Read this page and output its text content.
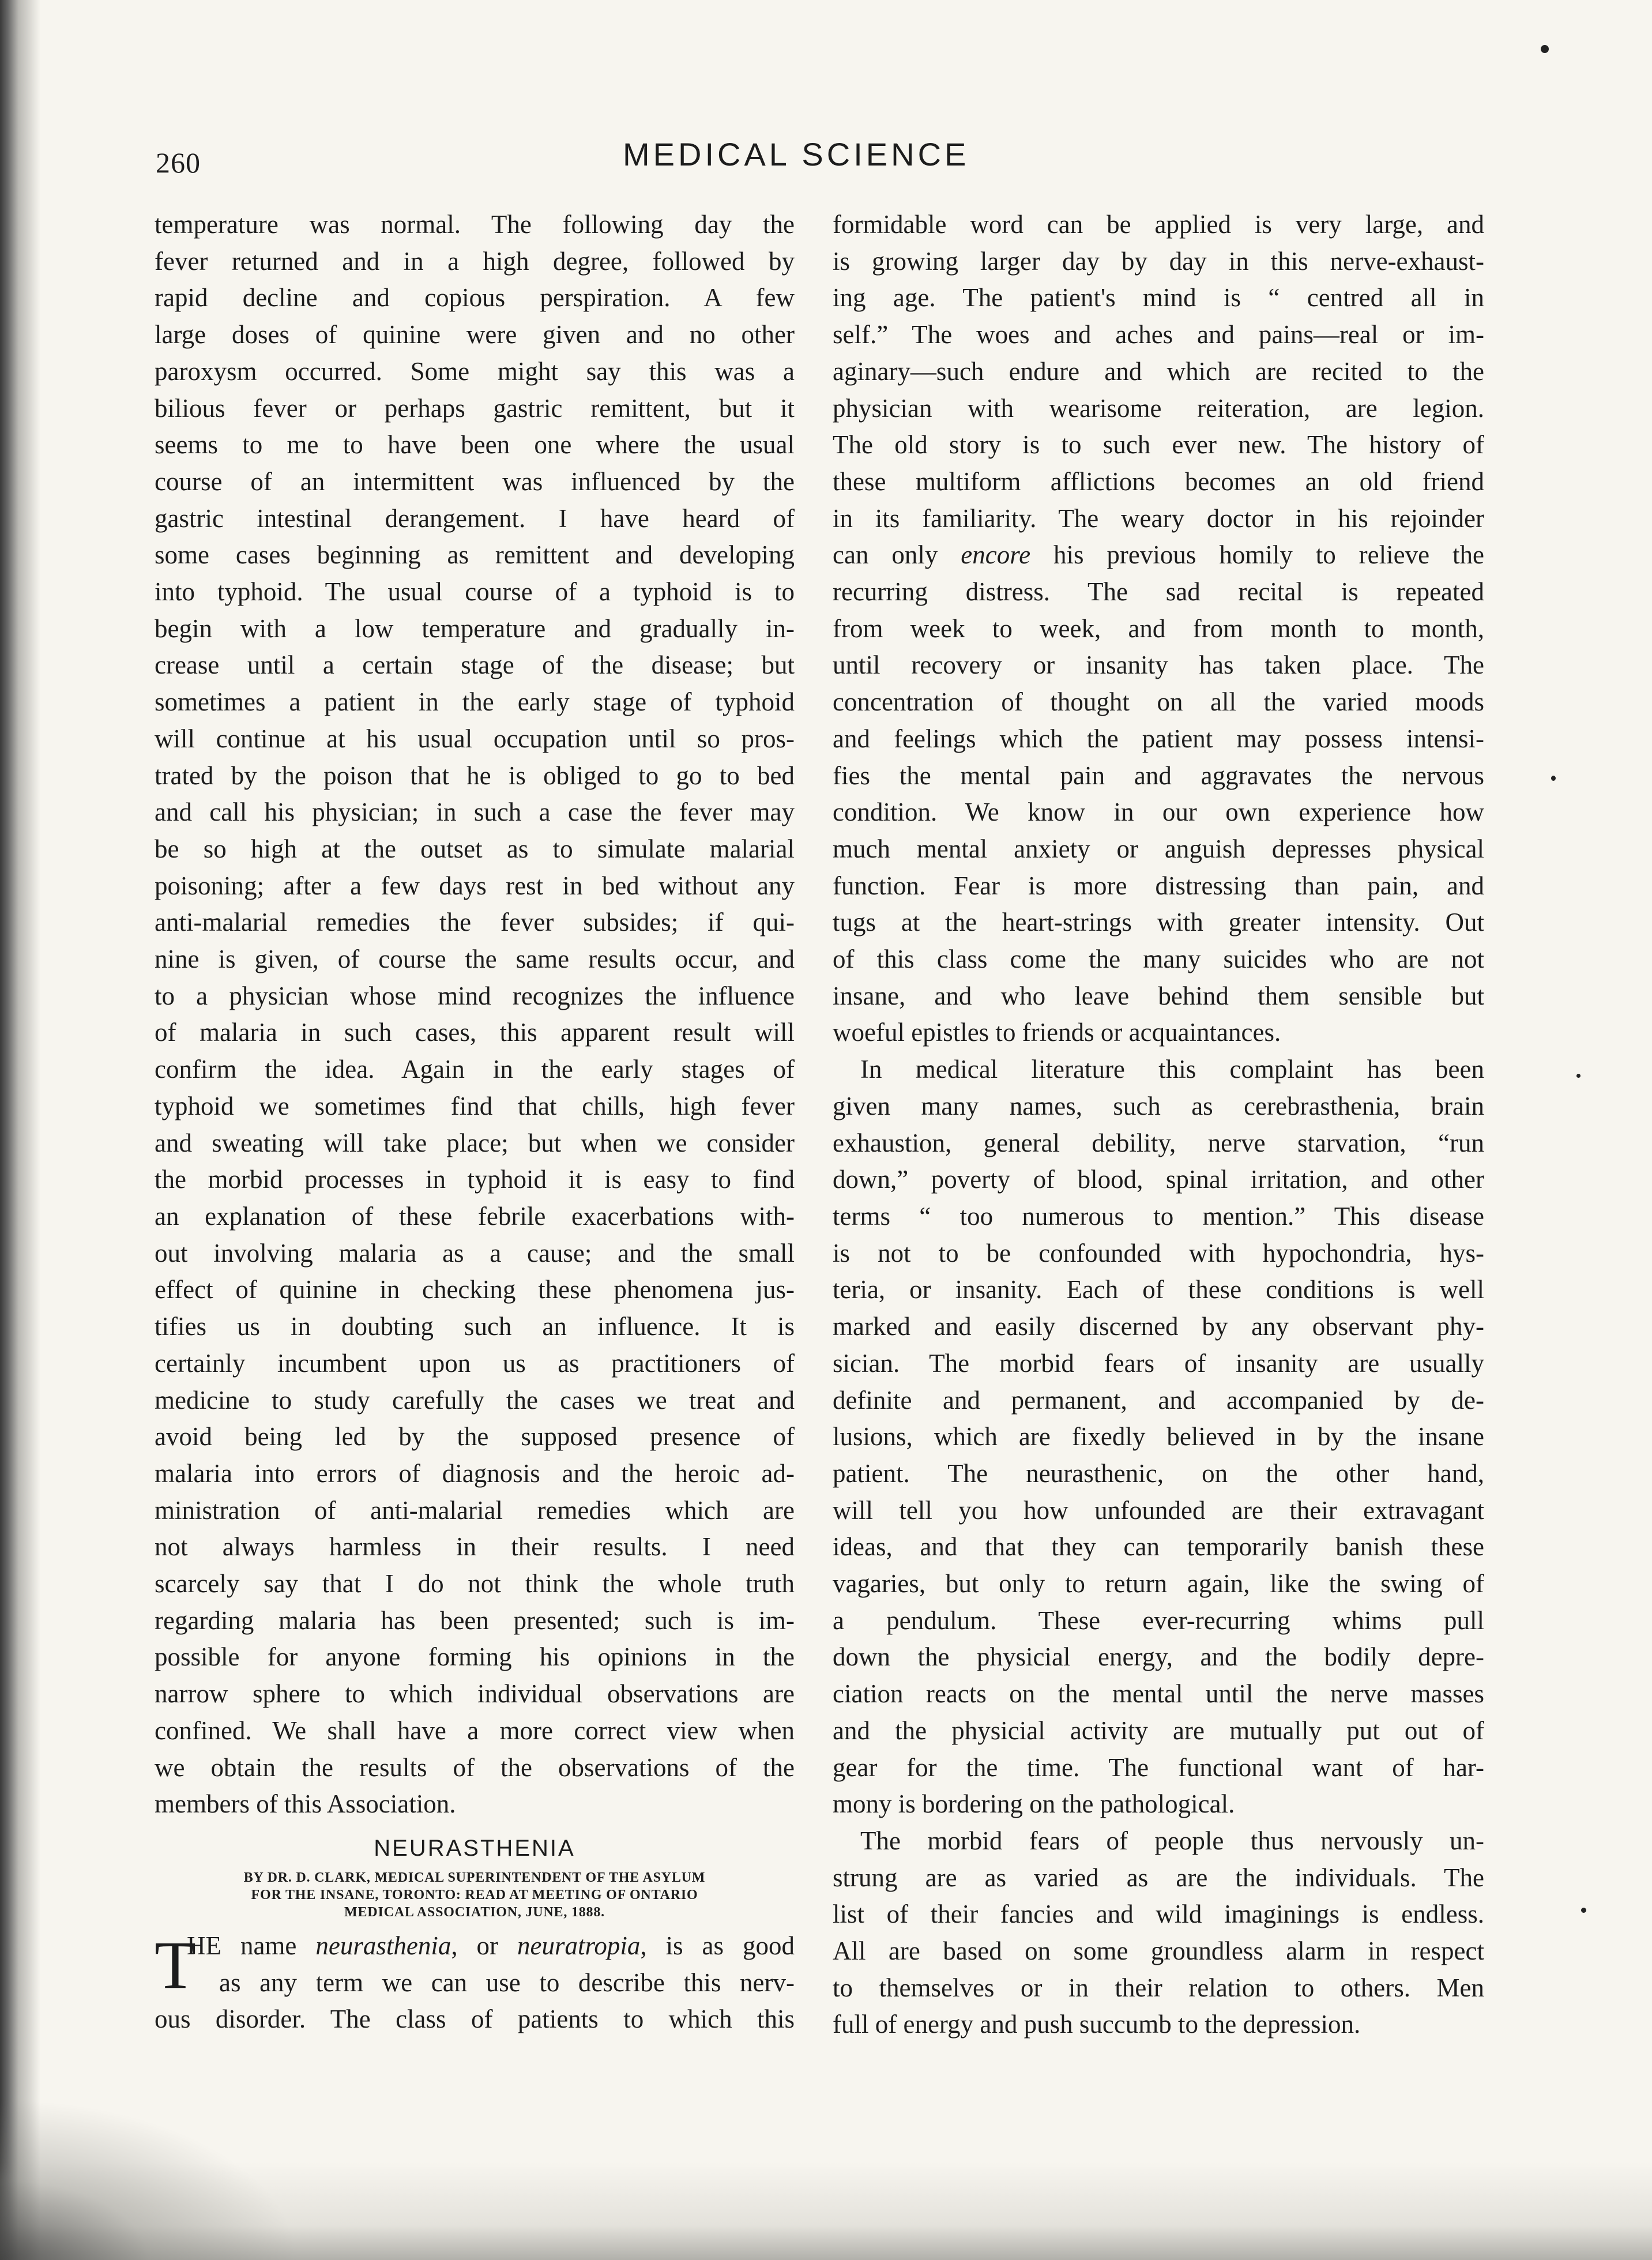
260	MEDICAL SCIENCE
temperature was normal. The following day the
fever returned and in a high degree, followed by
rapid decline and copious perspiration. A few
large doses of quinine were given and no other
paroxysm occurred. Some might say this was a
bilious fever or perhaps gastric remittent, but it
seems to me to have been one where the usual
course of an intermittent was influenced by the
gastric intestinal derangement. I have heard of
some cases beginning as remittent and developing
into typhoid. The usual course of a typhoid is to
begin with a low temperature and gradually in-
crease until a certain stage of the disease; but
sometimes a patient in the early stage of typhoid
will continue at his usual occupation until so pros-
trated by the poison that he is obliged to go to bed
and call his physician; in such a case the fever may
be so high at the outset as to simulate malarial
poisoning; after a few days rest in bed without any
anti-malarial remedies the fever subsides; if qui-
nine is given, of course the same results occur, and
to a physician whose mind recognizes the influence
of malaria in such cases, this apparent result will
confirm the idea. Again in the early stages of
typhoid we sometimes find that chills, high fever
and sweating will take place; but when we consider
the morbid processes in typhoid it is easy to find
an explanation of these febrile exacerbations with-
out involving malaria as a cause; and the small
effect of quinine in checking these phenomena jus-
tifies us in doubting such an influence. It is
certainly incumbent upon us as practitioners of
medicine to study carefully the cases we treat and
avoid being led by the supposed presence of
malaria into errors of diagnosis and the heroic ad-
ministration of anti-malarial remedies which are
not always harmless in their results. I need
scarcely say that I do not think the whole truth
regarding malaria has been presented; such is im-
possible for anyone forming his opinions in the
narrow sphere to which individual observations are
confined. We shall have a more correct view when
we obtain the results of the observations of the
members of this Association.
NEURASTHENIA
BY DR. D. CLARK, MEDICAL SUPERINTENDENT OF THE ASYLUM
FOR THE INSANE, TORONTO: READ AT MEETING OF ONTARIO
MEDICAL ASSOCIATION, JUNE, 1888.
T
HE name neurasthenia, or neuratropia, is as good
as any term we can use to describe this nerv-
ous disorder. The class of patients to which this
formidable word can be applied is very large, and
is growing larger day by day in this nerve-exhaust-
ing age. The patient's mind is “ centred all in
self.” The woes and aches and pains—real or im-
aginary—such endure and which are recited to the
physician with wearisome reiteration, are legion.
The old story is to such ever new. The history of
these multiform afflictions becomes an old friend
in its familiarity. The weary doctor in his rejoinder
can only encore his previous homily to relieve the
recurring distress. The sad recital is repeated
from week to week, and from month to month,
until recovery or insanity has taken place. The
concentration of thought on all the varied moods
and feelings which the patient may possess intensi-
fies the mental pain and aggravates the nervous
condition. We know in our own experience how
much mental anxiety or anguish depresses physical
function. Fear is more distressing than pain, and
tugs at the heart-strings with greater intensity. Out
of this class come the many suicides who are not
insane, and who leave behind them sensible but
woeful epistles to friends or acquaintances.
In medical literature this complaint has been
given many names, such as cerebrasthenia, brain
exhaustion, general debility, nerve starvation, “run
down,” poverty of blood, spinal irritation, and other
terms “ too numerous to mention.” This disease
is not to be confounded with hypochondria, hys-
teria, or insanity. Each of these conditions is well
marked and easily discerned by any observant phy-
sician. The morbid fears of insanity are usually
definite and permanent, and accompanied by de-
lusions, which are fixedly believed in by the insane
patient. The neurasthenic, on the other hand,
will tell you how unfounded are their extravagant
ideas, and that they can temporarily banish these
vagaries, but only to return again, like the swing of
a pendulum. These ever-recurring whims pull
down the physicial energy, and the bodily depre-
ciation reacts on the mental until the nerve masses
and the physicial activity are mutually put out of
gear for the time. The functional want of har-
mony is bordering on the pathological.
The morbid fears of people thus nervously un-
strung are as varied as are the individuals. The
list of their fancies and wild imaginings is endless.
All are based on some groundless alarm in respect
to themselves or in their relation to others. Men
full of energy and push succumb to the depression.
